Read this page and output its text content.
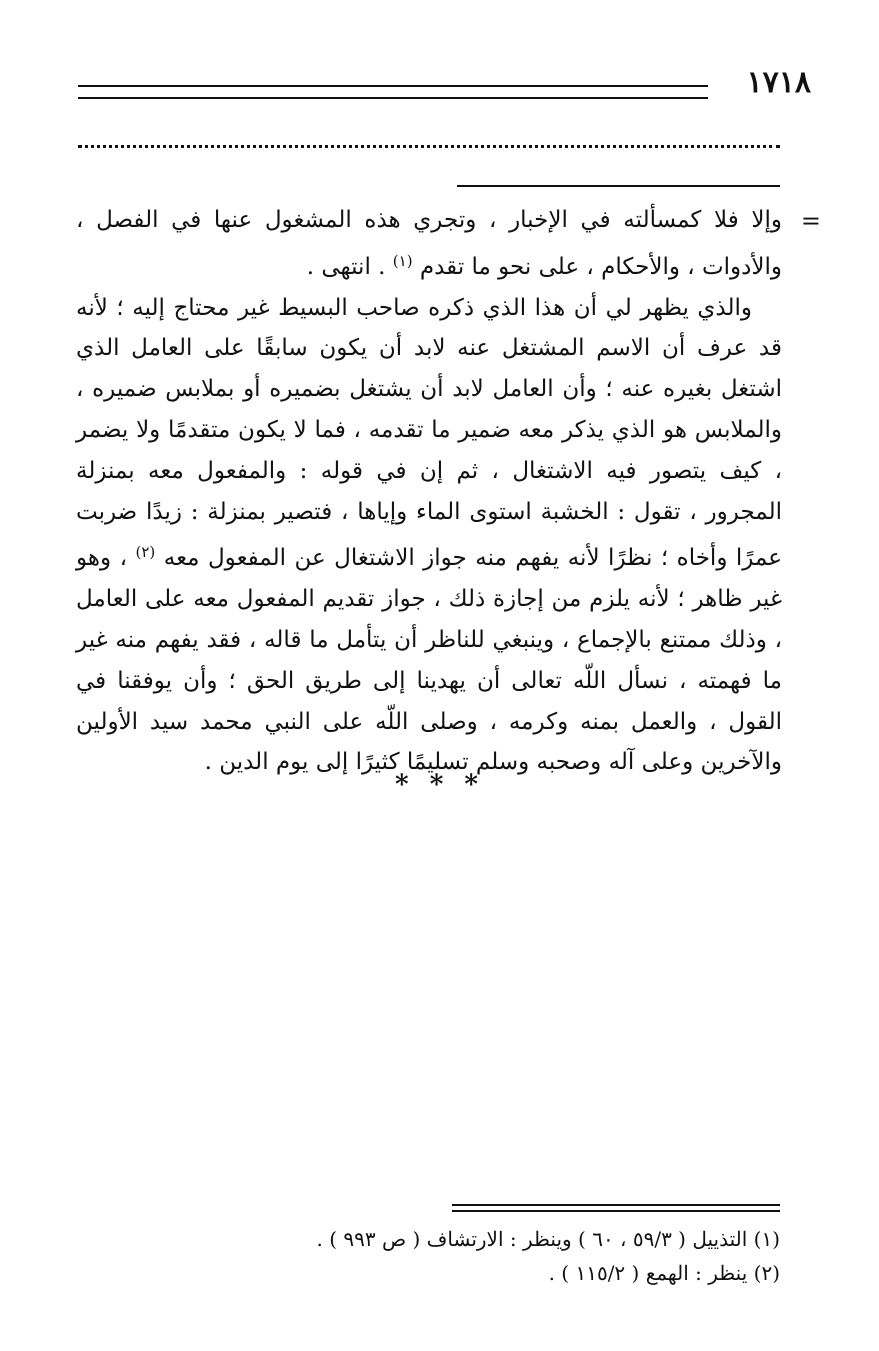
١٧١٨
=

وإلا فلا كمسألته في الإخبار ، وتجري هذه المشغول عنها في الفصل ، والأدوات ، والأحكام ، على نحو ما تقدم $^{(١)}$ . انتهى .

والذي يظهر لي أن هذا الذي ذكره صاحب البسيط غير محتاج إليه ؛ لأنه قد عرف أن الاسم المشتغل عنه لابد أن يكون سابقًا على العامل الذي اشتغل بغيره عنه ؛ وأن العامل لابد أن يشتغل بضميره أو بملابس ضميره ، والملابس هو الذي يذكر معه ضمير ما تقدمه ، فما لا يكون متقدمًا ولا يضمر ، كيف يتصور فيه الاشتغال ، ثم إن في قوله : والمفعول معه بمنزلة المجرور ، تقول : الخشبة استوى الماء وإياها ، فتصير بمنزلة : زيدًا ضربت عمرًا وأخاه ؛ نظرًا لأنه يفهم منه جواز الاشتغال عن المفعول معه $^{(٢)}$ ، وهو غير ظاهر ؛ لأنه يلزم من إجازة ذلك ، جواز تقديم المفعول معه على العامل ، وذلك ممتنع بالإجماع ، وينبغي للناظر أن يتأمل ما قاله ، فقد يفهم منه غير ما فهمته ، نسأل اللّه تعالى أن يهدينا إلى طريق الحق ؛ وأن يوفقنا في القول ، والعمل بمنه وكرمه ، وصلى اللّه على النبي محمد سيد الأولين والآخرين وعلى آله وصحبه وسلم تسليمًا كثيرًا إلى يوم الدين .

* * *

(١) التذييل ( ٥٩/٣ ، ٦٠ ) وينظر : الارتشاف ( ص ٩٩٣ ) .

(٢) ينظر : الهمع ( ١١٥/٢ ) .
